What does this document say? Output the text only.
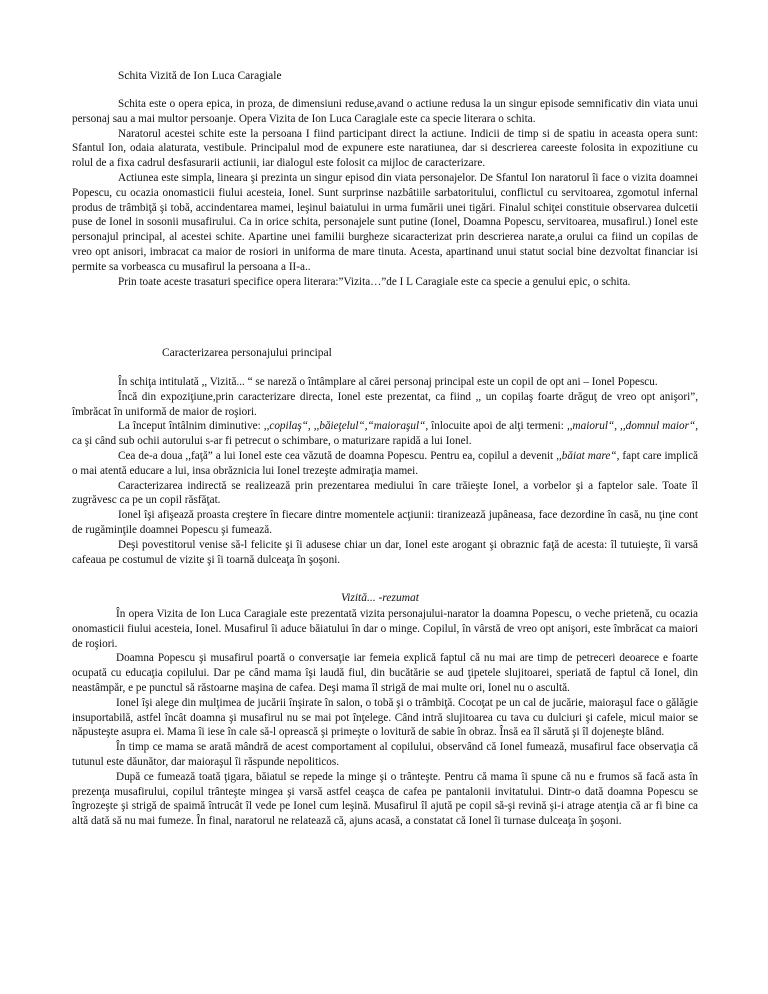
Schita Vizită de Ion Luca Caragiale

Schita este o opera epica, in proza, de dimensiuni reduse,avand o actiune redusa la un singur episode semnificativ din viata unui personaj sau a mai multor persoanje. Opera Vizita de Ion Luca Caragiale este ca specie literara o schita.

Naratorul acestei schite este la persoana I fiind participant direct la actiune. Indicii de timp si de spatiu in aceasta opera sunt: Sfantul Ion, odaia alaturata, vestibule. Principalul mod de expunere este naratiunea, dar si descrierea careeste folosita in expozitiune cu rolul de a fixa cadrul desfasurarii actiunii, iar dialogul este folosit ca mijloc de caracterizare.

Actiunea este simpla, lineara şi prezinta un singur episod din viata personajelor. De Sfantul Ion naratorul îi face o vizita doamnei Popescu, cu ocazia onomasticii fiului acesteia, Ionel. Sunt surprinse nazbâtiile sarbatoritului, conflictul cu servitoarea, zgomotul infernal produs de trâmbiţă şi tobă, accindentarea mamei, leşinul baiatului in urma fumării unei tigări. Finalul schiţei constituie observarea dulcetii puse de Ionel in sosonii musafirului. Ca in orice schita, personajele sunt putine (Ionel, Doamna Popescu, servitoarea, musafirul.) Ionel este personajul principal, al acestei schite. Apartine unei familii burgheze sicaracterizat prin descrierea narate,a orului ca fiind un copilas de vreo opt anisori, imbracat ca maior de rosiori in uniforma de mare tinuta. Acesta, apartinand unui statut social bine dezvoltat financiar isi permite sa vorbeasca cu musafirul la persoana a II-a..

Prin toate aceste trasaturi specifice opera literara:”Vizita…”de I L Caragiale este ca specie a genului epic, o schita.

Caracterizarea personajului principal

În schiţa intitulată ,, Vizită... “ se nareză o întâmplare al cărei personaj principal este un copil de opt ani – Ionel Popescu.

Încă din expoziţiune,prin caracterizare directa, Ionel este prezentat, ca fiind ,, un copilaş foarte drăguţ de vreo opt anişori”, îmbrăcat în uniformă de maior de roşiori.

La început întâlnim diminutive: ,,copilaş“, ,,băieţelul“,“maioraşul“, înlocuite apoi de alţi termeni: ,,maiorul“, ,,domnul maior“, ca şi când sub ochii autorului s-ar fi petrecut o schimbare, o maturizare rapidă a lui Ionel.

Cea de-a doua ,,faţă” a lui Ionel este cea văzută de doamna Popescu. Pentru ea, copilul a devenit ,,băiat mare“, fapt care implică o mai atentă educare a lui, insa obrăznicia lui Ionel trezeşte admiraţia mamei.

Caracterizarea indirectă se realizează prin prezentarea mediului în care trăieşte Ionel, a vorbelor şi a faptelor sale. Toate îl zugrăvesc ca pe un copil răsfăţat.

Ionel îşi afişează proasta creştere în fiecare dintre momentele acţiunii: tiranizează jupâneasa, face dezordine în casă, nu ţine cont de rugăminţile doamnei Popescu şi fumează.

Deşi povestitorul venise să-l felicite şi îi adusese chiar un dar, Ionel este arogant şi obraznic faţă de acesta: îl tutuieşte, îi varsă cafeaua pe costumul de vizite şi îi toarnă dulceaţa în şoşoni.

Vizită... -rezumat

În opera Vizita de Ion Luca Caragiale este prezentată vizita personajului-narator la doamna Popescu, o veche prietenă, cu ocazia onomasticii fiului acesteia, Ionel. Musafirul îi aduce băiatului în dar o minge. Copilul, în vârstă de vreo opt anişori, este îmbrăcat ca maiori de roşiori.

Doamna Popescu şi musafirul poartă o conversaţie iar femeia explică faptul că nu mai are timp de petreceri deoarece e foarte ocupată cu educaţia copilului. Dar pe când mama îşi laudă fiul, din bucătărie se aud ţipetele slujitoarei, speriată de faptul că Ionel, din neastâmpăr, e pe punctul să răstoarne maşina de cafea. Deşi mama îl strigă de mai multe ori, Ionel nu o ascultă.

Ionel îşi alege din mulţimea de jucării înşirate în salon, o tobă şi o trâmbiţă. Cocoţat pe un cal de jucărie, maioraşul face o gălăgie insuportabilă, astfel încât doamna şi musafirul nu se mai pot înţelege. Când intră slujitoarea cu tava cu dulciuri şi cafele, micul maior se năpusteşte asupra ei. Mama îi iese în cale să-l oprească şi primeşte o lovitură de sabie în obraz. Însă ea îl sărută şi îl dojeneşte blând.

În timp ce mama se arată mândră de acest comportament al copilului, observând că Ionel fumează, musafirul face observaţia că tutunul este dăunător, dar maioraşul îi răspunde nepoliticos.

După ce fumează toată ţigara, băiatul se repede la minge şi o trânteşte. Pentru că mama îi spune că nu e frumos să facă asta în prezenţa musafirului, copilul trânteşte mingea şi varsă astfel ceaşca de cafea pe pantalonii invitatului. Dintr-o dată doamna Popescu se îngrozeşte şi strigă de spaimă întrucât îl vede pe Ionel cum leşină. Musafirul îl ajută pe copil să-şi revină şi-i atrage atenţia că ar fi bine ca altă dată să nu mai fumeze. În final, naratorul ne relatează că, ajuns acasă, a constatat că Ionel îi turnase dulceaţa în şoşoni.
